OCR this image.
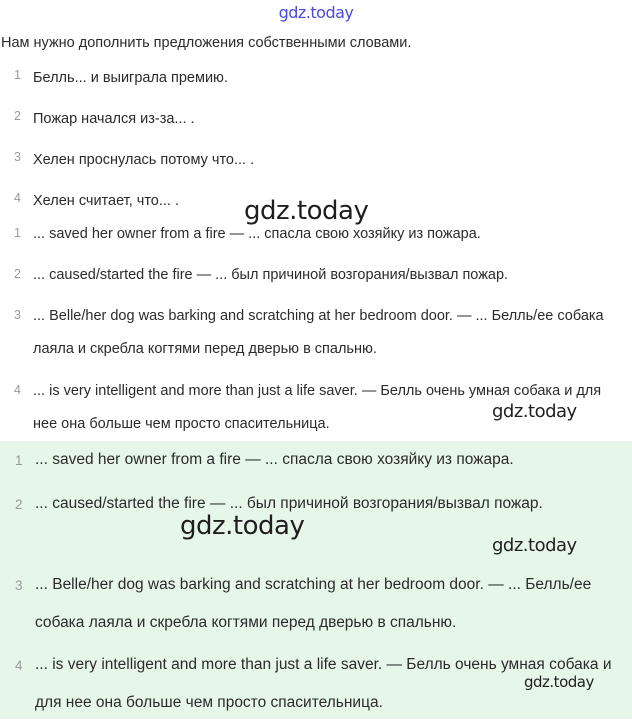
gdz.today
Нам нужно дополнить предложения собственными словами.
1 Белль... и выиграла премию.
2 Пожар начался из-за... .
3 Хелен проснулась потому что... .
4 Хелен считает, что... .
1 ... saved her owner from a fire — ... спасла свою хозяйку из пожара.
2 ... caused/started the fire — ... был причиной возгорания/вызвал пожар.
3 ... Belle/her dog was barking and scratching at her bedroom door. — ... Белль/ее собака лаяла и скребла когтями перед дверью в спальню.
4 ... is very intelligent and more than just a life saver. — Белль очень умная собака и для нее она больше чем просто спасительница.
1 ... saved her owner from a fire — ... спасла свою хозяйку из пожара.
2 ... caused/started the fire — ... был причиной возгорания/вызвал пожар.
3 ... Belle/her dog was barking and scratching at her bedroom door. — ... Белль/ее собака лаяла и скребла когтями перед дверью в спальню.
4 ... is very intelligent and more than just a life saver. — Белль очень умная собака и для нее она больше чем просто спасительница.
gdz.today
gdz.today
gdz.today
gdz.today
gdz.today
